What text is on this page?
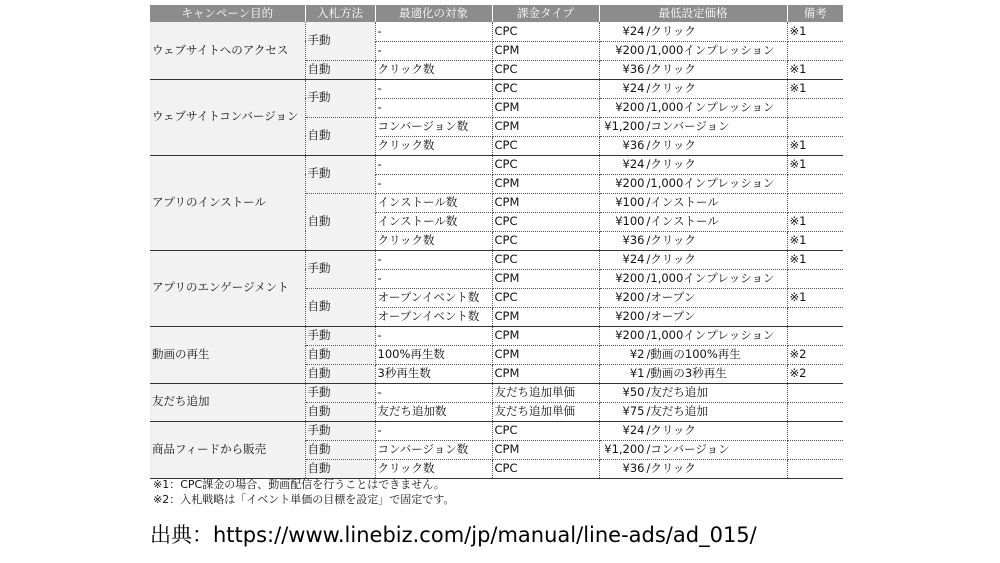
キャンペーン目的	入札方法	最適化の対象	課金タイプ	最低設定価格	備考
ウェブサイトへのアクセス	手動	-	CPC	¥24 /クリック	※1
		-	CPM	¥200 /1,000インプレッション	
	自動	クリック数	CPC	¥36 /クリック	※1
ウェブサイトコンバージョン	手動	-	CPC	¥24 /クリック	※1
		-	CPM	¥200 /1,000インプレッション	
	自動	コンバージョン数	CPM	¥1,200 /コンバージョン	
		クリック数	CPC	¥36 /クリック	※1
アプリのインストール	手動	-	CPC	¥24 /クリック	※1
		-	CPM	¥200 /1,000インプレッション	
	自動	インストール数	CPM	¥100 /インストール	
		インストール数	CPC	¥100 /インストール	※1
		クリック数	CPC	¥36 /クリック	※1
アプリのエンゲージメント	手動	-	CPC	¥24 /クリック	※1
		-	CPM	¥200 /1,000インプレッション	
	自動	オープンイベント数	CPC	¥200 /オープン	※1
		オープンイベント数	CPM	¥200 /オープン	
動画の再生	手動	-	CPM	¥200 /1,000インプレッション	
	自動	100%再生数	CPM	¥2 /動画の100%再生	※2
	自動	3秒再生数	CPM	¥1 /動画の3秒再生	※2
友だち追加	手動	-	友だち追加単価	¥50 /友だち追加	
	自動	友だち追加数	友だち追加単価	¥75 /友だち追加	
商品フィードから販売	手動	-	CPC	¥24 /クリック	
	自動	コンバージョン数	CPM	¥1,200 /コンバージョン	
	自動	クリック数	CPC	¥36 /クリック	
※1：CPC課金の場合、動画配信を行うことはできません。
※2：入札戦略は「イベント単価の目標を設定」で固定です。
出典：https://www.linebiz.com/jp/manual/line-ads/ad_015/
